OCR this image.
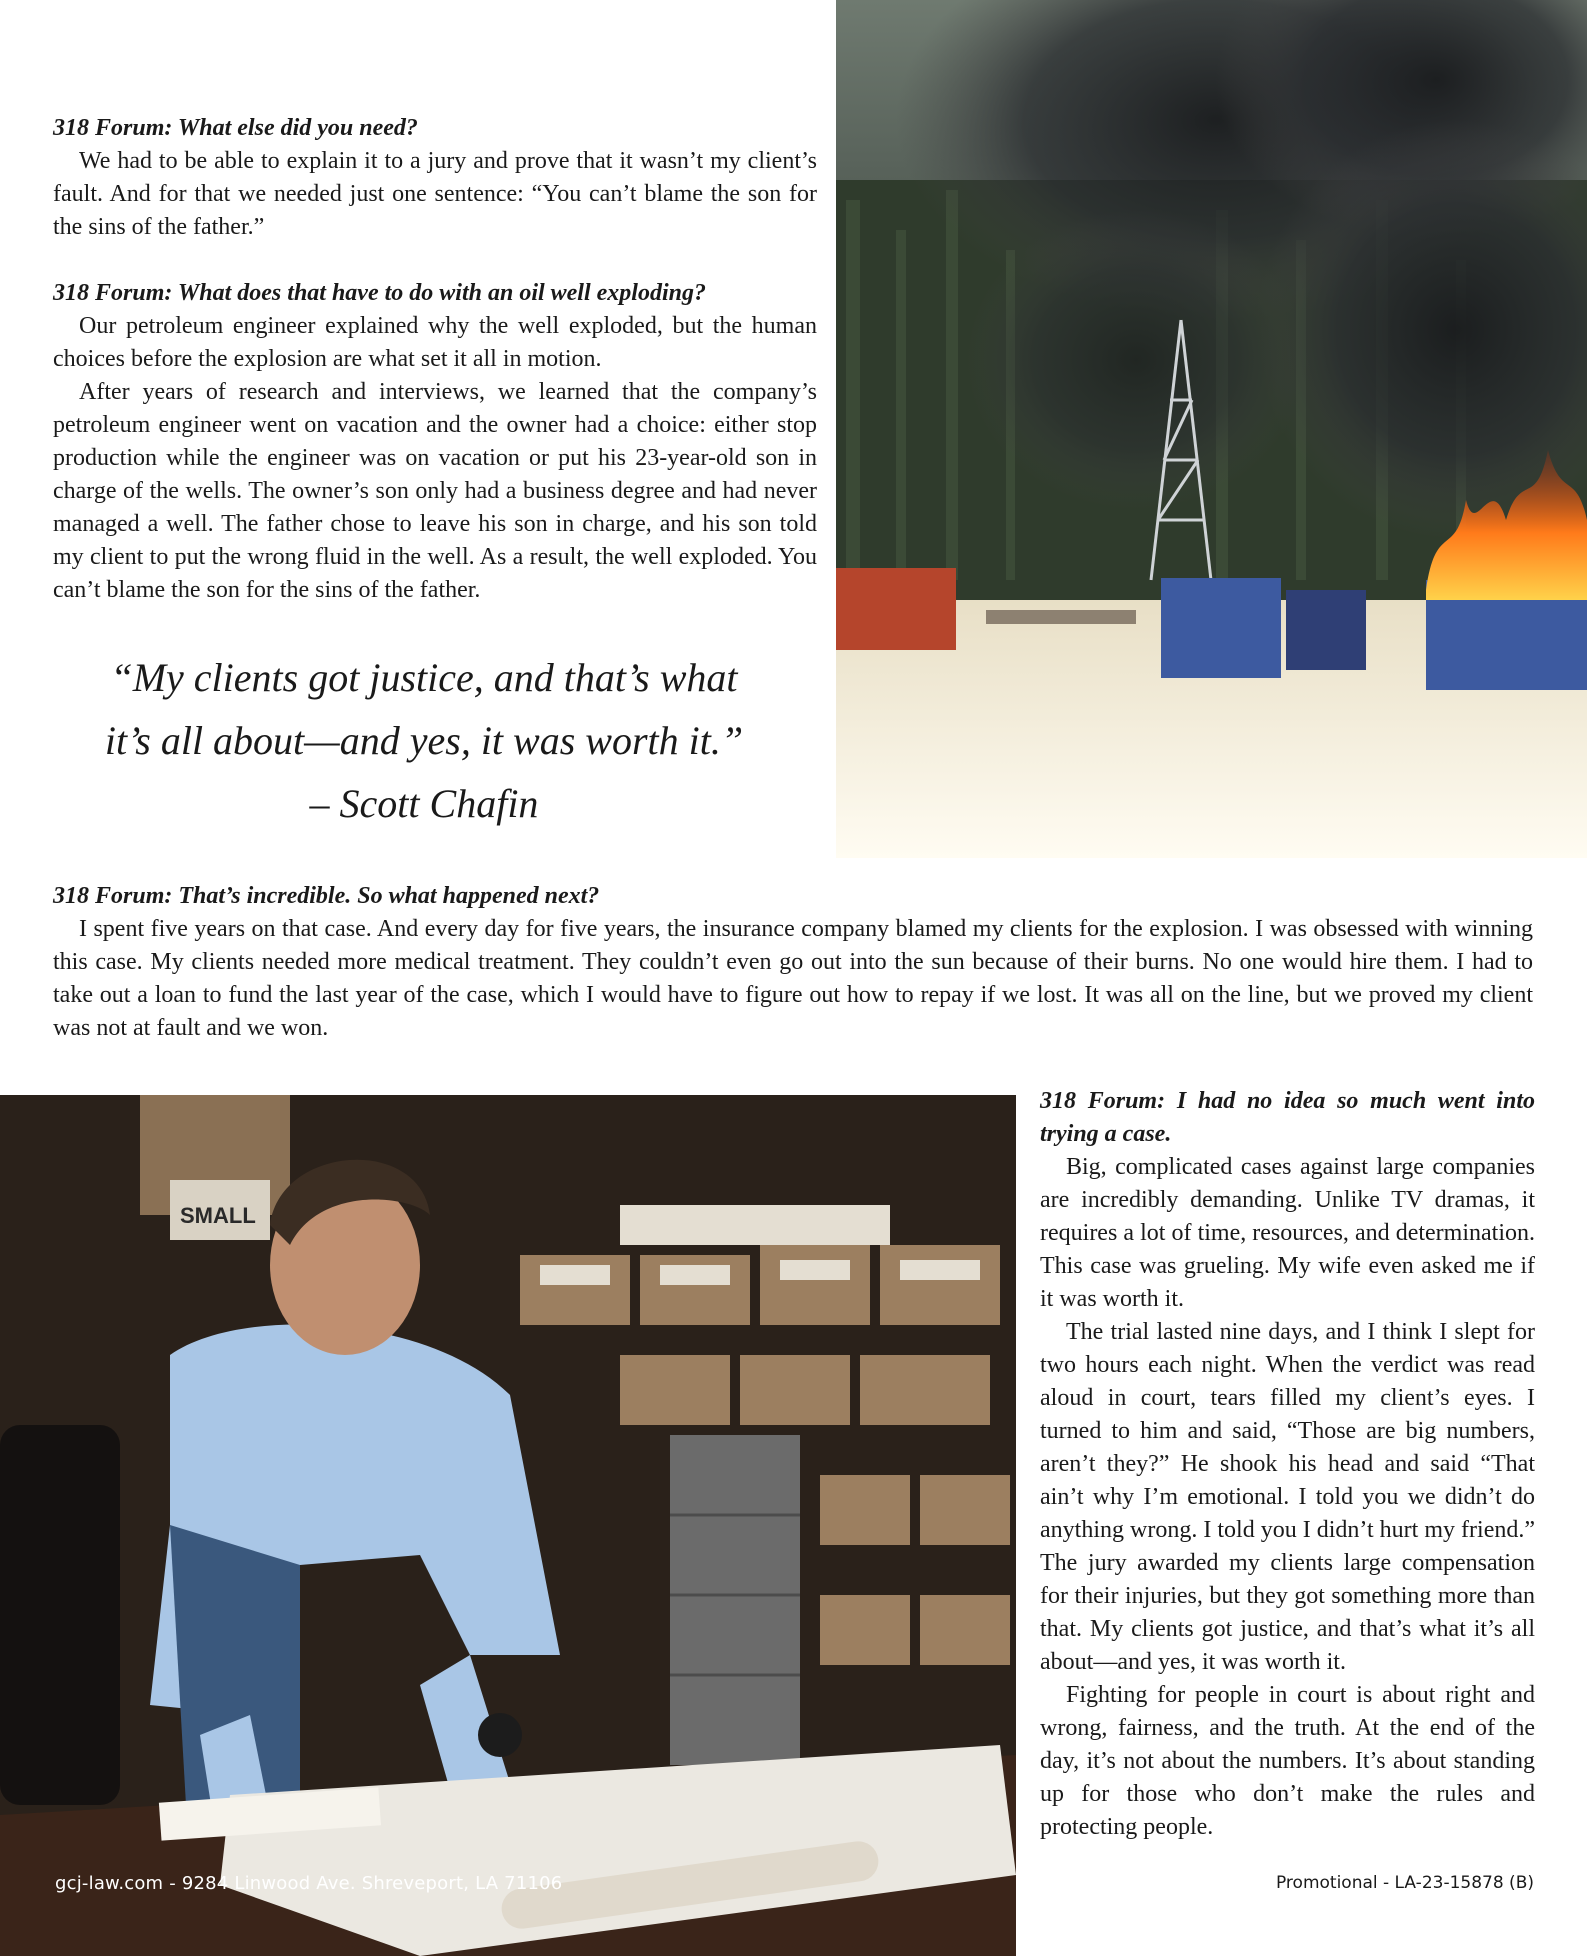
318 Forum: What else did you need?
We had to be able to explain it to a jury and prove that it wasn’t my client’s fault. And for that we needed just one sentence: “You can’t blame the son for the sins of the father.”
318 Forum: What does that have to do with an oil well exploding?
Our petroleum engineer explained why the well exploded, but the human choices before the explosion are what set it all in motion.
After years of research and interviews, we learned that the company’s petroleum engineer went on vacation and the owner had a choice: either stop production while the engineer was on vacation or put his 23-year-old son in charge of the wells. The owner’s son only had a business degree and had never managed a well. The father chose to leave his son in charge, and his son told my client to put the wrong fluid in the well. As a result, the well exploded. You can’t blame the son for the sins of the father.
“My clients got justice, and that’s what
it’s all about—and yes, it was worth it.”
– Scott Chafin
318 Forum: That’s incredible. So what happened next?
I spent five years on that case. And every day for five years, the insurance company blamed my clients for the explosion. I was obsessed with winning this case. My clients needed more medical treatment. They couldn’t even go out into the sun because of their burns. No one would hire them. I had to take out a loan to fund the last year of the case, which I would have to figure out how to repay if we lost. It was all on the line, but we proved my client was not at fault and we won.
SMALL
318 Forum: I had no idea so much went into trying a case.
Big, complicated cases against large companies are incredibly demanding. Unlike TV dramas, it requires a lot of time, resources, and determination. This case was grueling. My wife even asked me if it was worth it.
The trial lasted nine days, and I think I slept for two hours each night. When the verdict was read aloud in court, tears filled my client’s eyes. I turned to him and said, “Those are big numbers, aren’t they?” He shook his head and said “That ain’t why I’m emotional. I told you we didn’t do anything wrong. I told you I didn’t hurt my friend.” The jury awarded my clients large compensation for their injuries, but they got something more than that. My clients got justice, and that’s what it’s all about—and yes, it was worth it.
Fighting for people in court is about right and wrong, fairness, and the truth. At the end of the day, it’s not about the numbers. It’s about standing up for those who don’t make the rules and protecting people.
gcj-law.com - 9284 Linwood Ave. Shreveport, LA 71106	Promotional - LA-23-15878 (B)
